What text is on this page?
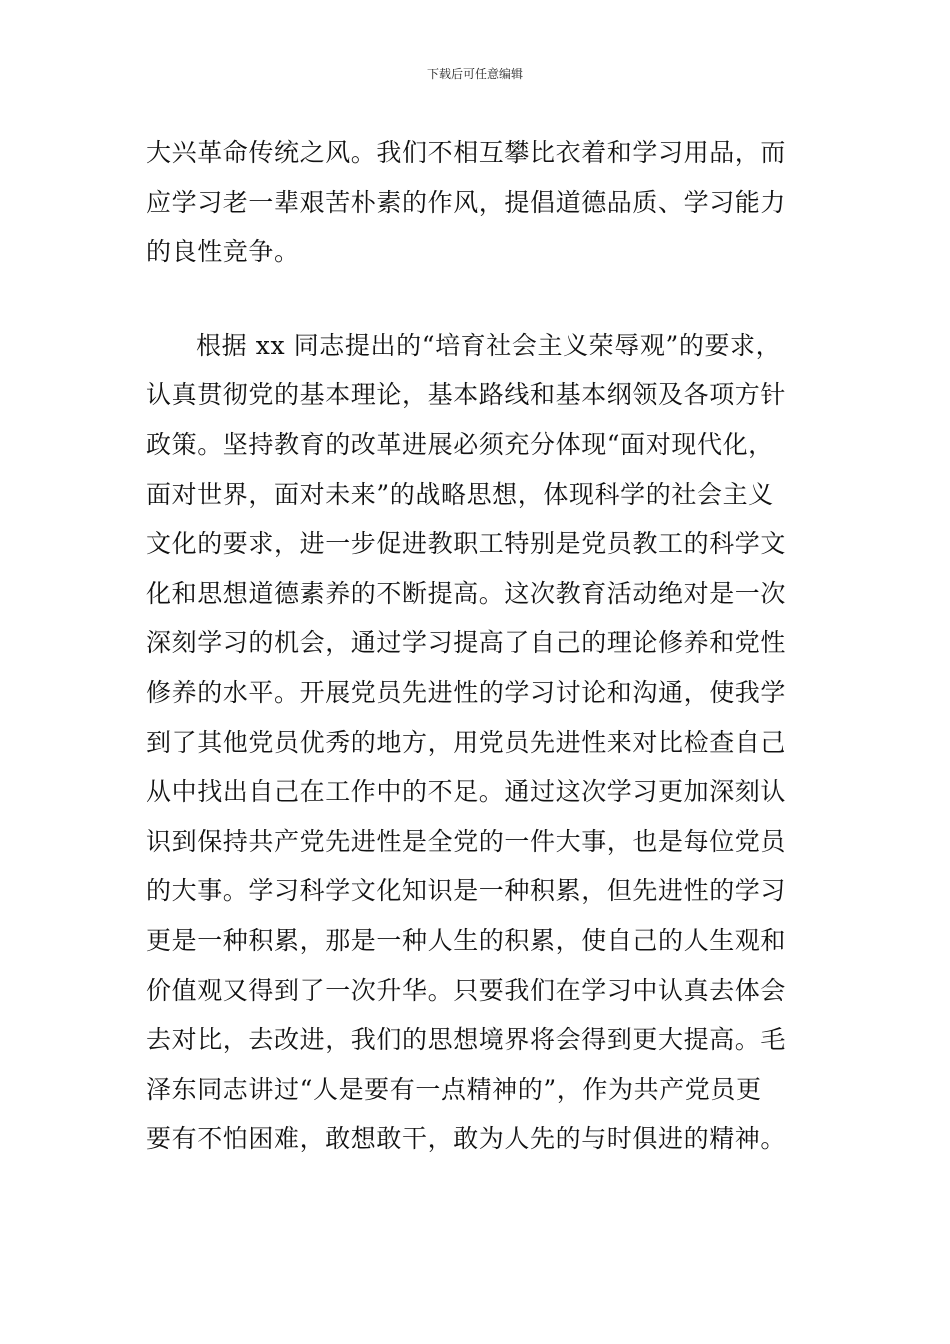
下载后可任意编辑
大兴革命传统之风。我们不相互攀比衣着和学习用品，而
应学习老一辈艰苦朴素的作风，提倡道德品质、学习能力
的良性竞争。
根据 xx 同志提出的“培育社会主义荣辱观”的要求，
认真贯彻党的基本理论，基本路线和基本纲领及各项方针
政策。坚持教育的改革进展必须充分体现“面对现代化，
面对世界，面对未来”的战略思想，体现科学的社会主义
文化的要求，进一步促进教职工特别是党员教工的科学文
化和思想道德素养的不断提高。这次教育活动绝对是一次
深刻学习的机会，通过学习提高了自己的理论修养和党性
修养的水平。开展党员先进性的学习讨论和沟通，使我学
到了其他党员优秀的地方，用党员先进性来对比检查自己
从中找出自己在工作中的不足。通过这次学习更加深刻认
识到保持共产党先进性是全党的一件大事，也是每位党员
的大事。学习科学文化知识是一种积累，但先进性的学习
更是一种积累，那是一种人生的积累，使自己的人生观和
价值观又得到了一次升华。只要我们在学习中认真去体会
去对比，去改进，我们的思想境界将会得到更大提高。毛
泽东同志讲过“人是要有一点精神的”，作为共产党员更
要有不怕困难，敢想敢干，敢为人先的与时俱进的精神。
